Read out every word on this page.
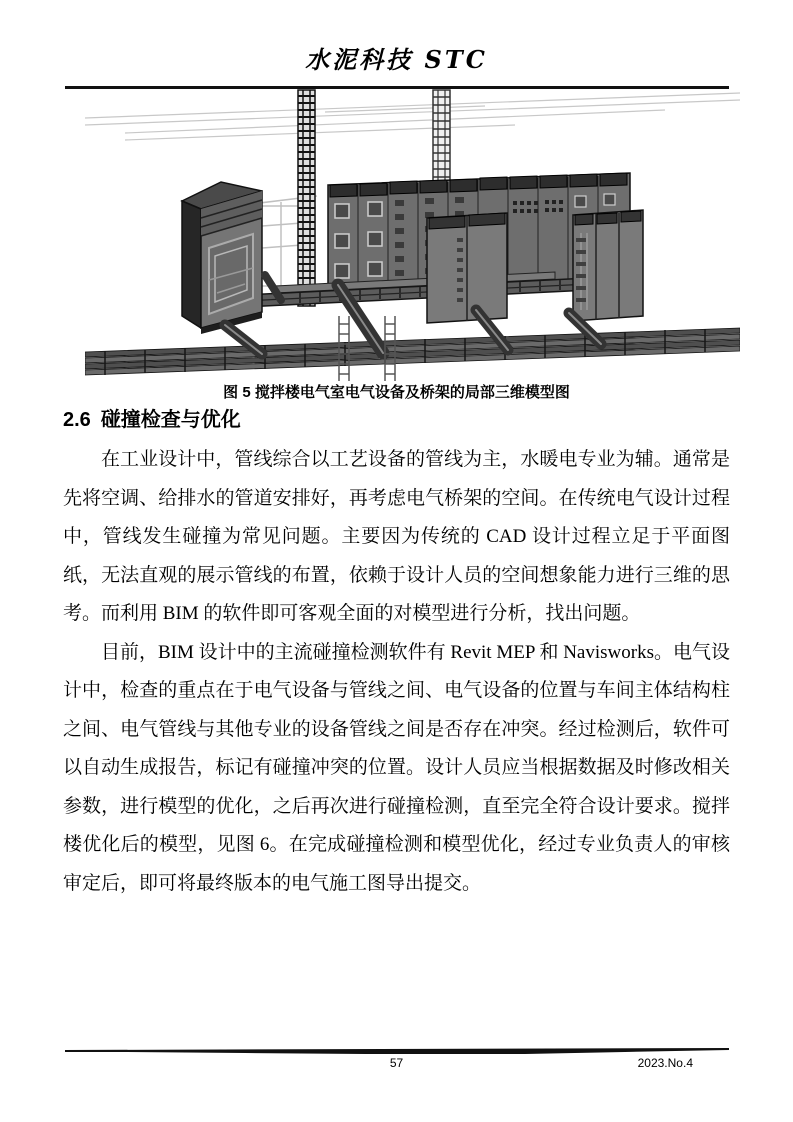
水泥科技 STC
图 5 搅拌楼电气室电气设备及桥架的局部三维模型图
2.6 碰撞检查与优化

在工业设计中，管线综合以工艺设备的管线为主，水暖电专业为辅。通常是先将空调、给排水的管道安排好，再考虑电气桥架的空间。在传统电气设计过程中，管线发生碰撞为常见问题。主要因为传统的 CAD 设计过程立足于平面图纸，无法直观的展示管线的布置，依赖于设计人员的空间想象能力进行三维的思考。而利用 BIM 的软件即可客观全面的对模型进行分析，找出问题。

目前，BIM 设计中的主流碰撞检测软件有 Revit MEP 和 Navisworks。电气设计中，检查的重点在于电气设备与管线之间、电气设备的位置与车间主体结构柱之间、电气管线与其他专业的设备管线之间是否存在冲突。经过检测后，软件可以自动生成报告，标记有碰撞冲突的位置。设计人员应当根据数据及时修改相关参数，进行模型的优化，之后再次进行碰撞检测，直至完全符合设计要求。搅拌楼优化后的模型，见图 6。在完成碰撞检测和模型优化，经过专业负责人的审核审定后，即可将最终版本的电气施工图导出提交。

57	2023.No.4
